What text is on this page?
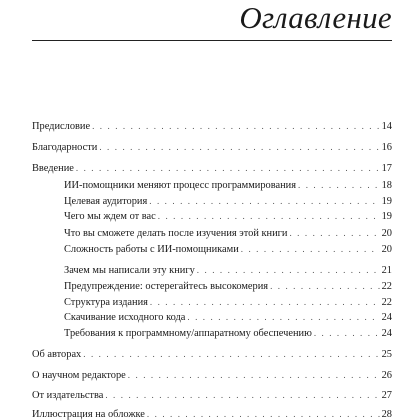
Оглавление
Предисловие . . .	14
Благодарности . . .	16
Введение . . .	17
ИИ-помощники меняют процесс программирования . . .	18
Целевая аудитория . . .	19
Чего мы ждем от вас . . .	19
Что вы сможете делать после изучения этой книги . . .	20
Сложность работы с ИИ-помощниками . . .	20
Зачем мы написали эту книгу . . .	21
Предупреждение: остерегайтесь высокомерия . . .	22
Структура издания . . .	22
Скачивание исходного кода . . .	24
Требования к программному/аппаратному обеспечению . . .	24
Об авторах . . .	25
О научном редакторе . . .	26
От издательства . . .	27
Иллюстрация на обложке . . .	28
